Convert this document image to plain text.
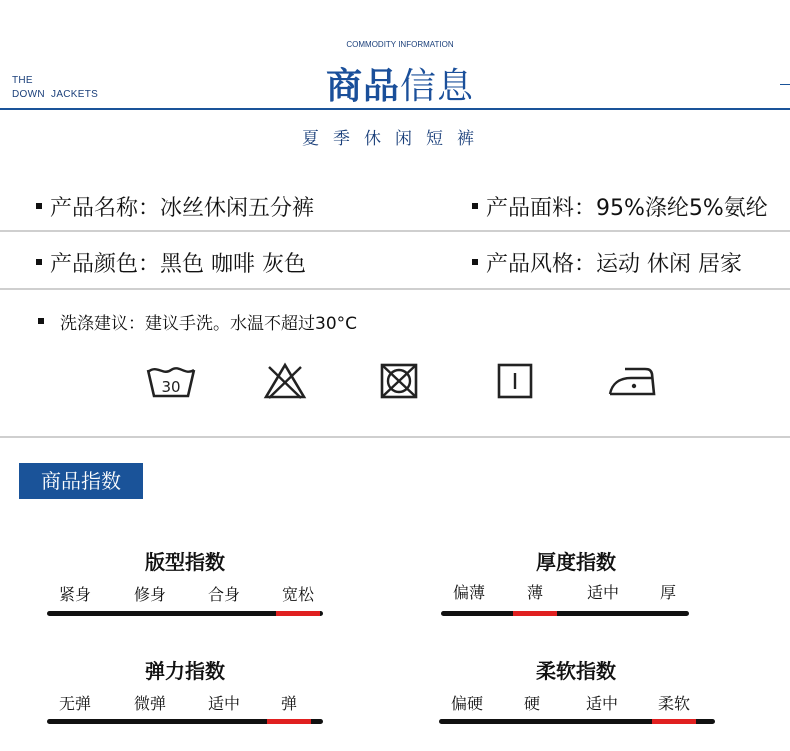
THE
DOWN  JACKETS
COMMODITY INFORMATION
商品信息
夏季休闲短裤
产品名称：冰丝休闲五分裤	产品面料：95%涤纶5%氨纶
产品颜色：黑色 咖啡 灰色	产品风格：运动 休闲 居家
洗涤建议：建议手洗。水温不超过30°C
30
商品指数
版型指数
紧身	修身	合身	宽松
厚度指数
偏薄	薄	适中	厚
弹力指数
无弹	微弹	适中	弹
柔软指数
偏硬	硬	适中	柔软
